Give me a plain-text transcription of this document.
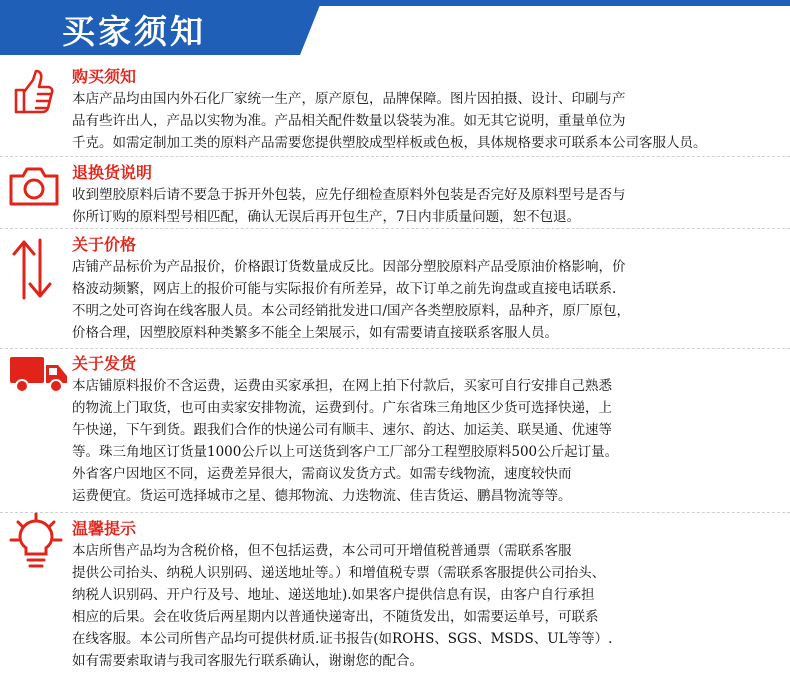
买家须知
购买须知
本店产品均由国内外石化厂家统一生产，原产原包，品牌保障。图片因拍摄、设计、印刷与产
品有些许出人，产品以实物为准。产品相关配件数量以袋装为准。如无其它说明，重量单位为
千克。如需定制加工类的原料产品需要您提供塑胶成型样板或色板，具体规格要求可联系本公司客服人员。
退换货说明
收到塑胶原料后请不要急于拆开外包装，应先仔细检查原料外包装是否完好及原料型号是否与
你所订购的原料型号相匹配，确认无误后再开包生产，7日内非质量问题，恕不包退。
关于价格
店铺产品标价为产品报价，价格跟订货数量成反比。因部分塑胶原料产品受原油价格影响，价
格波动频繁，网店上的报价可能与实际报价有所差异，故下订单之前先询盘或直接电话联系.
不明之处可咨询在线客服人员。本公司经销批发进口/国产各类塑胶原料，品种齐，原厂原包，
价格合理，因塑胶原料种类繁多不能全上架展示，如有需要请直接联系客服人员。
关于发货
本店铺原料报价不含运费，运费由买家承担，在网上拍下付款后，买家可自行安排自己熟悉
的物流上门取货，也可由卖家安排物流，运费到付。广东省珠三角地区少货可选择快递，上
午快递，下午到货。跟我们合作的快递公司有顺丰、速尔、韵达、加运美、联昊通、优速等
等。珠三角地区订货量1000公斤以上可送货到客户工厂部分工程塑胶原料500公斤起订量。
外省客户因地区不同，运费差异很大，需商议发货方式。如需专线物流，速度较快而
运费便宜。货运可选择城市之星、德邦物流、力迭物流、佳吉货运、鹏昌物流等等。
温馨提示
本店所售产品均为含税价格，但不包括运费，本公司可开增值税普通票（需联系客服
提供公司抬头、纳税人识别码、递送地址等。）和增值税专票（需联系客服提供公司抬头、
纳税人识别码、开户行及号、地址、递送地址).如果客户提供信息有误，由客户自行承担
相应的后果。会在收货后两星期内以普通快递寄出，不随货发出，如需要运单号，可联系
在线客服。本公司所售产品均可提供材质.证书报告(如ROHS、SGS、MSDS、UL等等）.
如有需要索取请与我司客服先行联系确认，谢谢您的配合。
